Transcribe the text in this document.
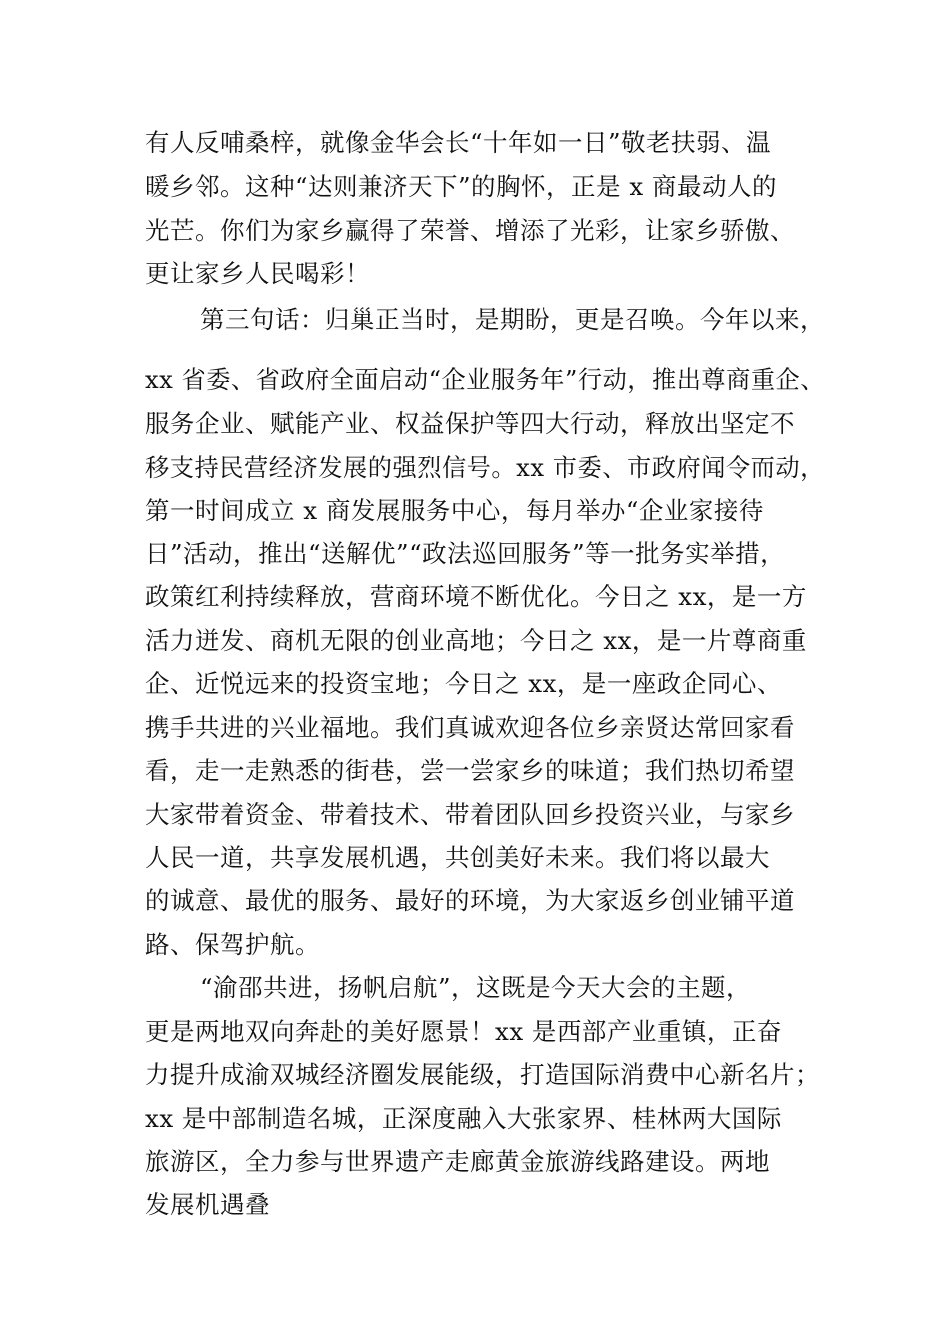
有人反哺桑梓，就像金华会长“十年如一日”敬老扶弱、温
暖乡邻。这种“达则兼济天下”的胸怀，正是 x 商最动人的
光芒。你们为家乡赢得了荣誉、增添了光彩，让家乡骄傲、
更让家乡人民喝彩！
第三句话：归巢正当时，是期盼，更是召唤。今年以来，
xx 省委、省政府全面启动“企业服务年”行动，推出尊商重企、
服务企业、赋能产业、权益保护等四大行动，释放出坚定不
移支持民营经济发展的强烈信号。xx 市委、市政府闻令而动，
第一时间成立 x 商发展服务中心，每月举办“企业家接待
日”活动，推出“送解优”“政法巡回服务”等一批务实举措，
政策红利持续释放，营商环境不断优化。今日之 xx，是一方
活力迸发、商机无限的创业高地；今日之 xx，是一片尊商重
企、近悦远来的投资宝地；今日之 xx，是一座政企同心、
携手共进的兴业福地。我们真诚欢迎各位乡亲贤达常回家看
看，走一走熟悉的街巷，尝一尝家乡的味道；我们热切希望
大家带着资金、带着技术、带着团队回乡投资兴业，与家乡
人民一道，共享发展机遇，共创美好未来。我们将以最大
的诚意、最优的服务、最好的环境，为大家返乡创业铺平道
路、保驾护航。
“渝邵共进，扬帆启航”，这既是今天大会的主题，
更是两地双向奔赴的美好愿景！xx 是西部产业重镇，正奋
力提升成渝双城经济圈发展能级，打造国际消费中心新名片；
xx 是中部制造名城，正深度融入大张家界、桂林两大国际
旅游区，全力参与世界遗产走廊黄金旅游线路建设。两地
发展机遇叠
